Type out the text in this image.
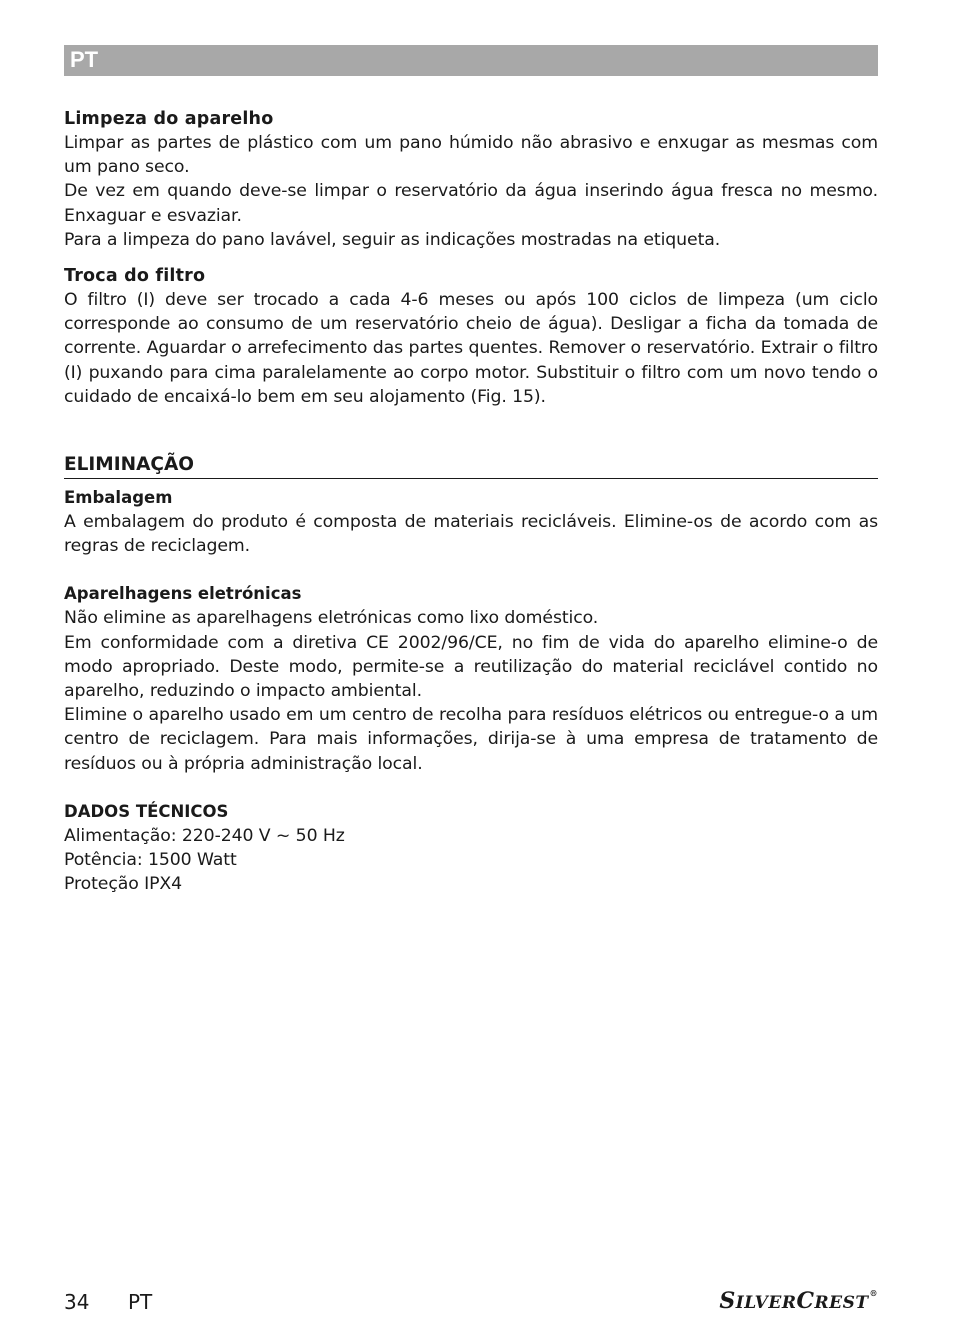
PT
Limpeza do aparelho

Limpar as partes de plástico com um pano húmido não abrasivo e enxugar as mesmas com um pano seco.

De vez em quando deve-se limpar o reservatório da água inserindo água fresca no mesmo. Enxaguar e esvaziar.

Para a limpeza do pano lavável, seguir as indicações mostradas na etiqueta.

Troca do filtro

O filtro (I) deve ser trocado a cada 4-6 meses ou após 100 ciclos de limpeza (um ciclo corresponde ao consumo de um reservatório cheio de água). Desligar a ficha da tomada de corrente. Aguardar o arrefecimento das partes quentes. Remover o reservatório. Extrair o filtro (I) puxando para cima paralelamente ao corpo motor. Substituir o filtro com um novo tendo o cuidado de encaixá-lo bem em seu alojamento (Fig. 15).

ELIMINAÇÃO
Embalagem

A embalagem do produto é composta de materiais recicláveis. Elimine-os de acordo com as regras de reciclagem.

Aparelhagens eletrónicas

Não elimine as aparelhagens eletrónicas como lixo doméstico.

Em conformidade com a diretiva CE 2002/96/CE, no fim de vida do aparelho elimine-o de modo apropriado. Deste modo, permite-se a reutilização do material reciclável contido no aparelho, reduzindo o impacto ambiental.

Elimine o aparelho usado em um centro de recolha para resíduos elétricos ou entregue-o a um centro de reciclagem. Para mais informações, dirija-se à uma empresa de tratamento de resíduos ou à própria administração local.

DADOS TÉCNICOS

Alimentação: 220-240 V ~ 50 Hz

Potência: 1500 Watt

Proteção IPX4

34 PT	SILVERCREST®
